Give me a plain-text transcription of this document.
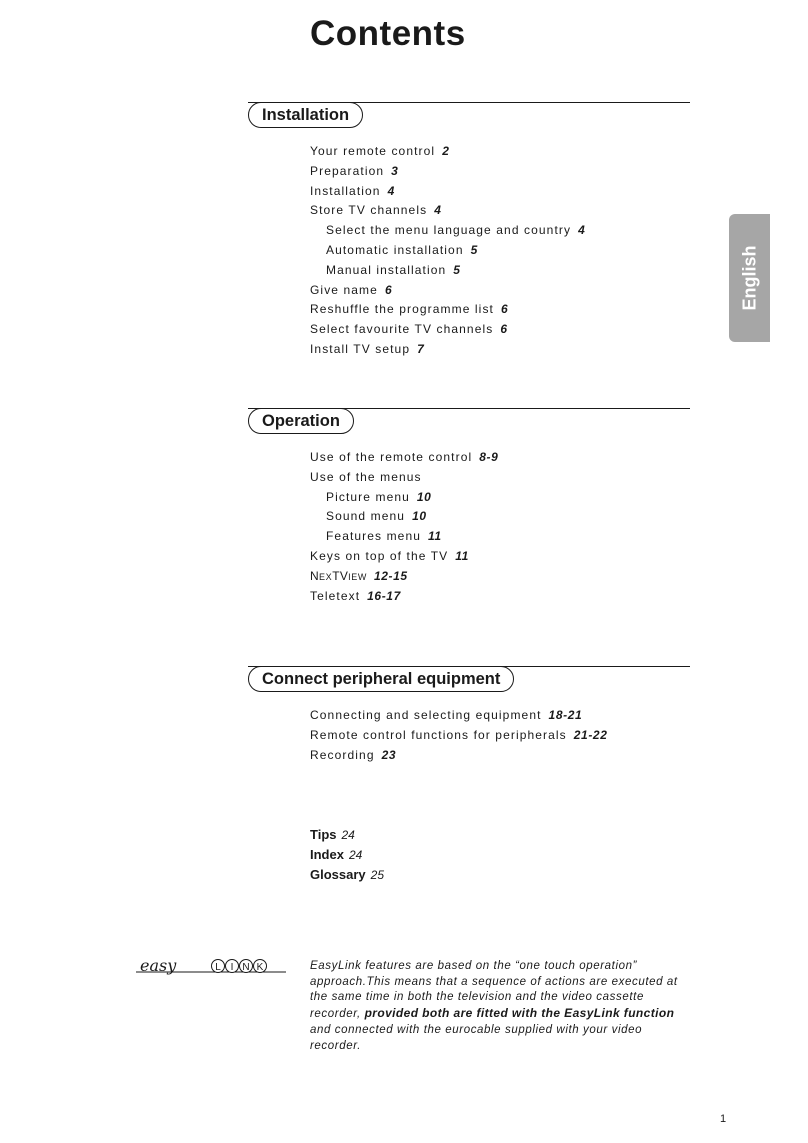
Contents
English
Installation
Your remote control 2
Preparation 3
Installation 4
Store TV channels 4
Select the menu language and country 4
Automatic installation 5
Manual installation 5
Give name 6
Reshuffle the programme list 6
Select favourite TV channels 6
Install TV setup 7
Operation
Use of the remote control 8-9
Use of the menus
Picture menu 10
Sound menu 10
Features menu 11
Keys on top of the TV 11
NEXTVIEW 12-15
Teletext 16-17
Connect peripheral equipment
Connecting and selecting equipment 18-21
Remote control functions for peripherals 21-22
Recording 23
Tips 24
Index 24
Glossary 25
easy	L I N K	EasyLink features are based on the “one touch operation” approach.This means that a sequence of actions are executed at the same time in both the television and the video cassette recorder, provided both are fitted with the EasyLink function and connected with the eurocable supplied with your video recorder.

1
